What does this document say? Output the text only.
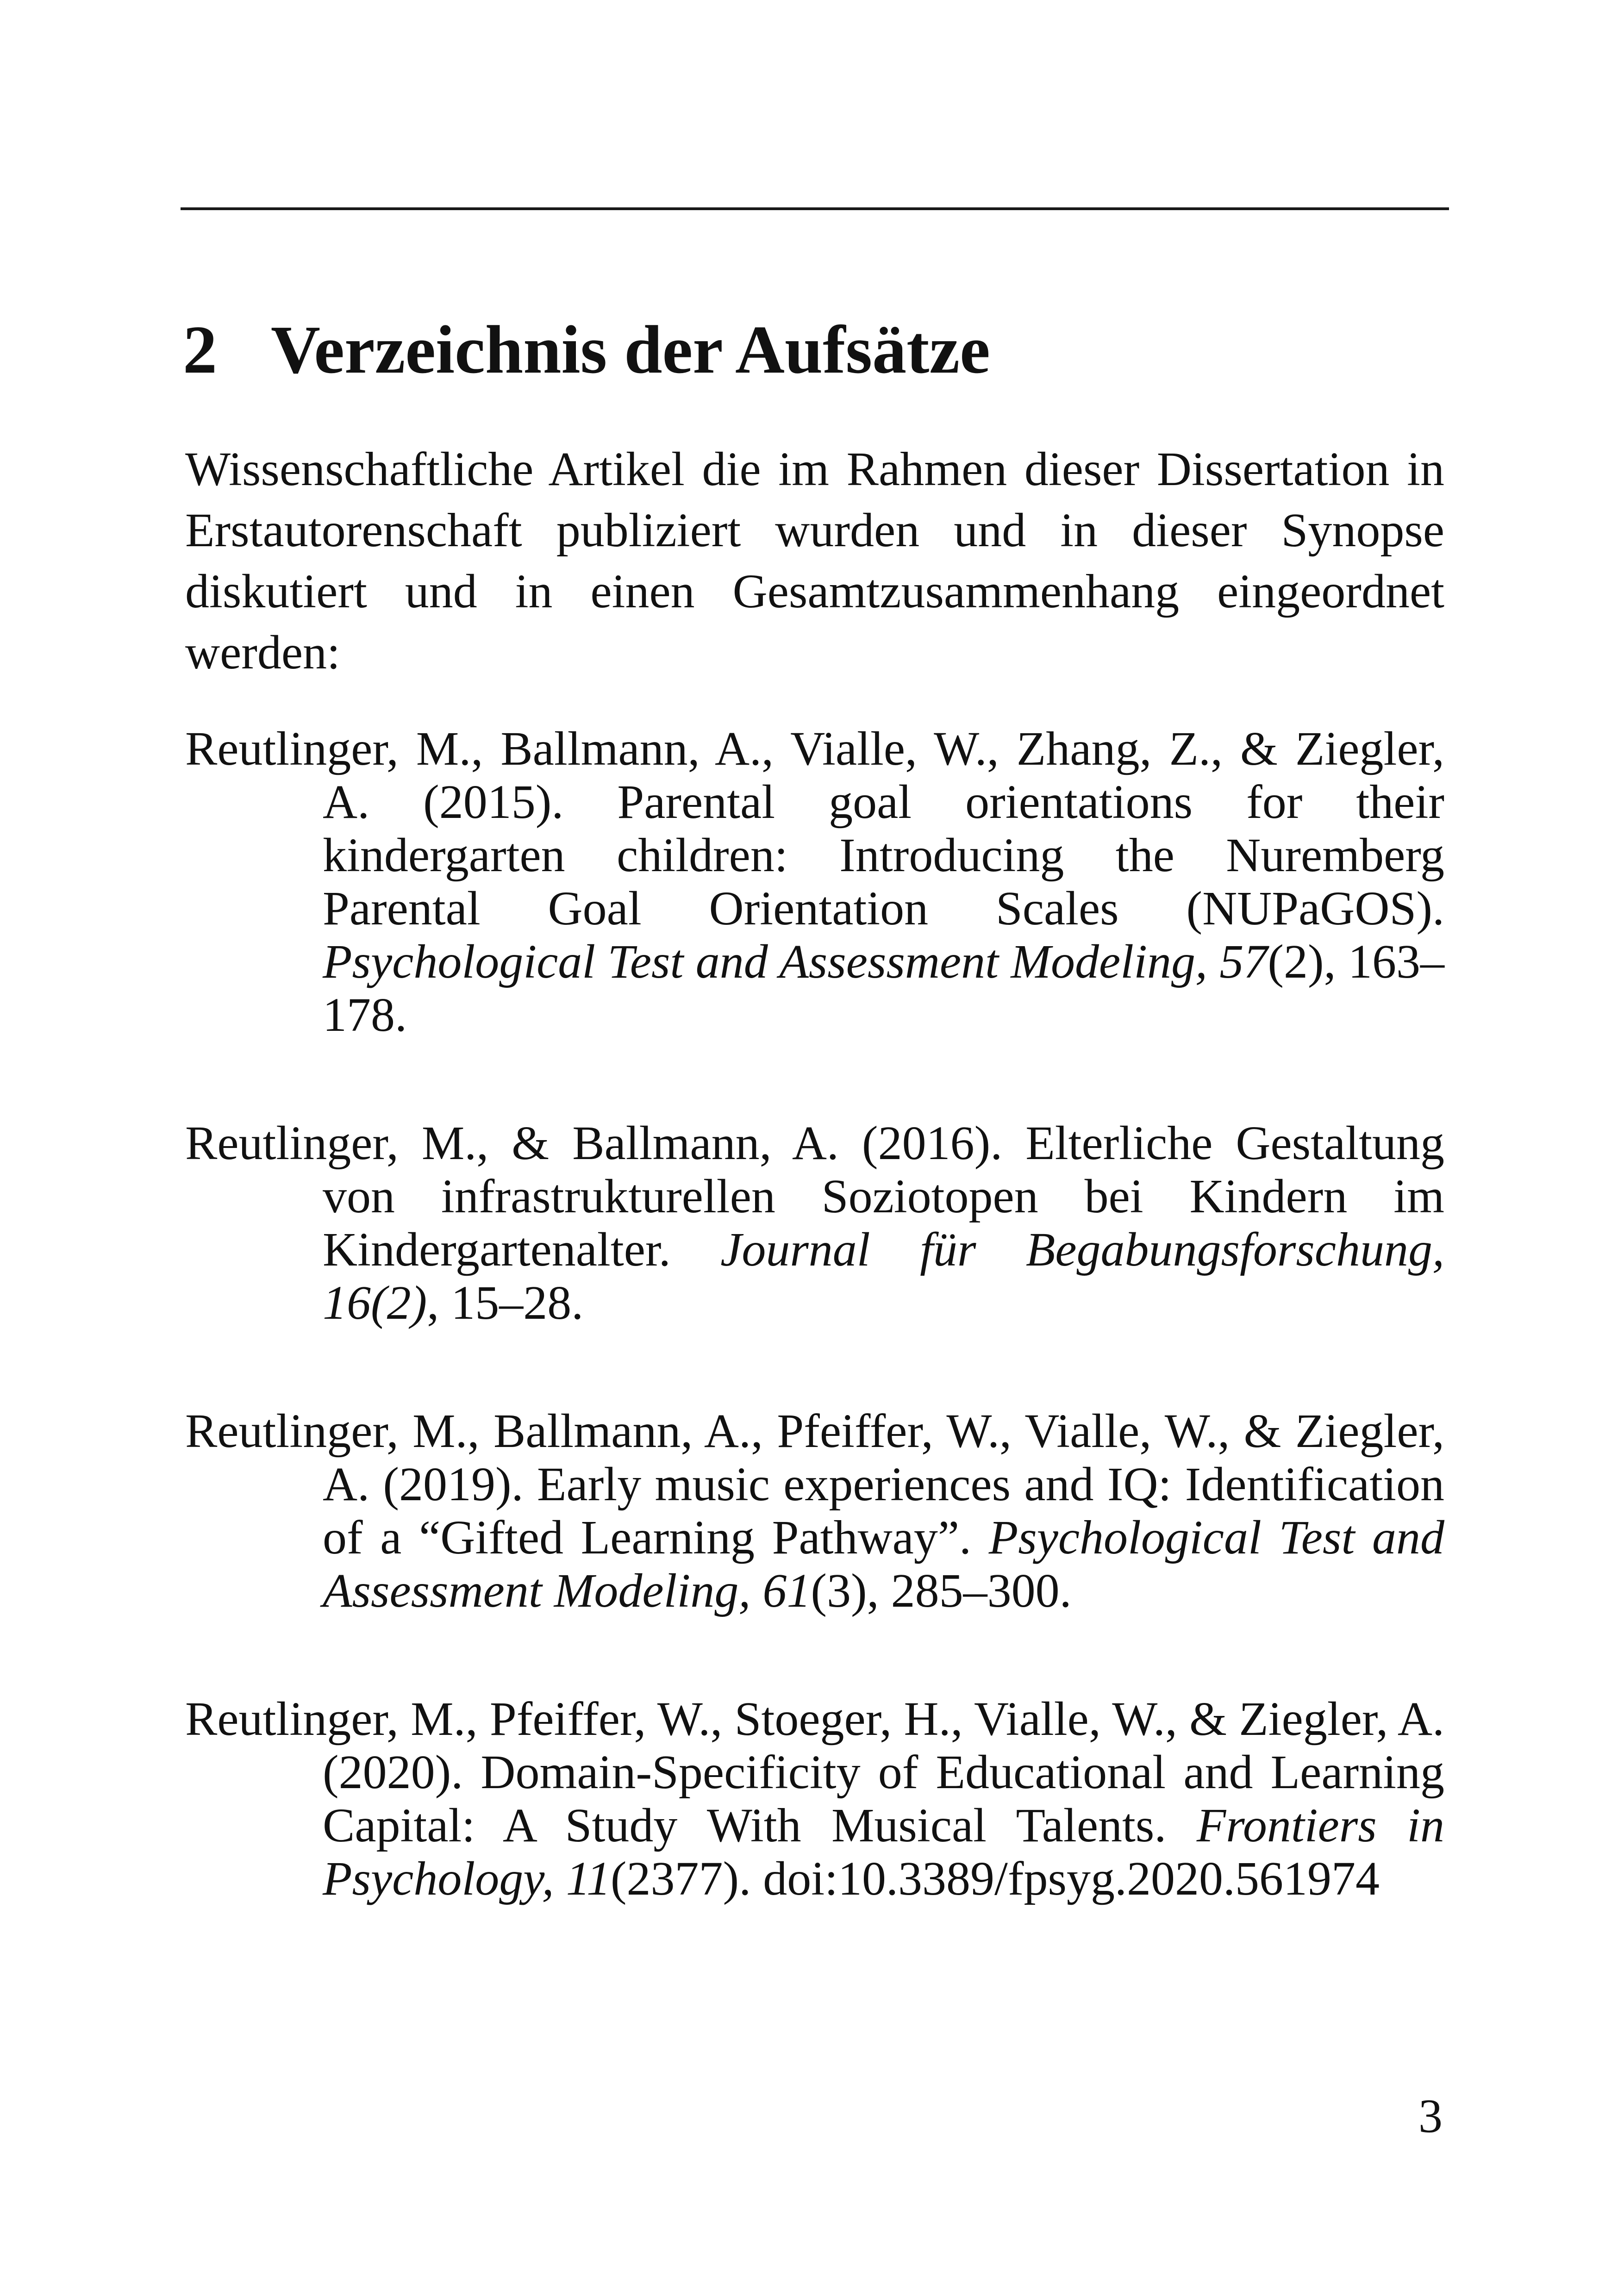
2 Verzeichnis der Aufsätze

Wissenschaftliche Artikel die im Rahmen dieser Dissertation in Erstautorenschaft publiziert wurden und in dieser Synopse diskutiert und in einen Gesamtzusammenhang eingeordnet werden:

Reutlinger, M., Ballmann, A., Vialle, W., Zhang, Z., & Ziegler, A. (2015). Parental goal orientations for their kindergarten children: Introducing the Nuremberg Parental Goal Orientation Scales (NUPaGOS). Psychological Test and Assessment Modeling, 57(2), 163–178.
Reutlinger, M., & Ballmann, A. (2016). Elterliche Gestaltung von infrastrukturellen Soziotopen bei Kindern im Kindergartenalter. Journal für Begabungsforschung, 16(2), 15–28.
Reutlinger, M., Ballmann, A., Pfeiffer, W., Vialle, W., & Ziegler, A. (2019). Early music experiences and IQ: Identification of a “Gifted Learning Pathway”. Psychological Test and Assessment Modeling, 61(3), 285–300.
Reutlinger, M., Pfeiffer, W., Stoeger, H., Vialle, W., & Ziegler, A. (2020). Domain-Specificity of Educational and Learning Capital: A Study With Musical Talents. Frontiers in Psychology, 11(2377). doi:10.3389/fpsyg.2020.561974
3
